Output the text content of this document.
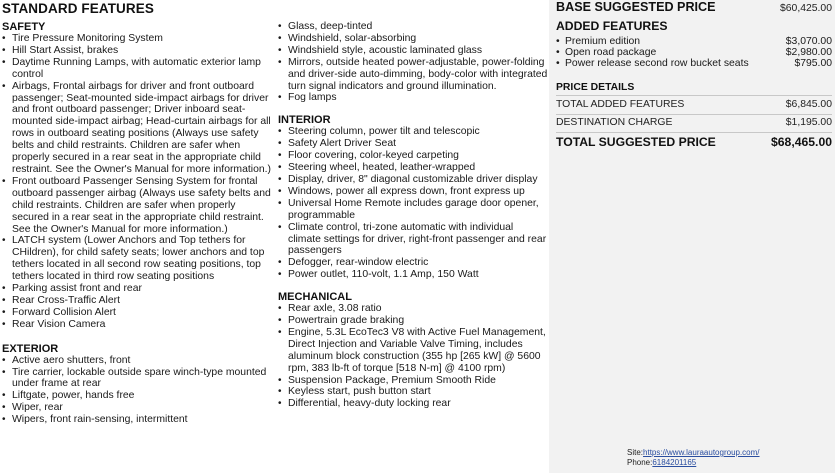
STANDARD FEATURES
SAFETY
• Tire Pressure Monitoring System
• Hill Start Assist, brakes
• Daytime Running Lamps, with automatic exterior lamp control
• Airbags, Frontal airbags for driver and front outboard passenger; Seat-mounted side-impact airbags for driver and front outboard passenger; Driver inboard seat-mounted side-impact airbag; Head-curtain airbags for all rows in outboard seating positions (Always use safety belts and child restraints. Children are safer when properly secured in a rear seat in the appropriate child restraint. See the Owner's Manual for more information.)
• Front outboard Passenger Sensing System for frontal outboard passenger airbag (Always use safety belts and child restraints. Children are safer when properly secured in a rear seat in the appropriate child restraint. See the Owner's Manual for more information.)
• LATCH system (Lower Anchors and Top tethers for CHildren), for child safety seats; lower anchors and top tethers located in all second row seating positions, top tethers located in third row seating positions
• Parking assist front and rear
• Rear Cross-Traffic Alert
• Forward Collision Alert
• Rear Vision Camera
EXTERIOR
• Active aero shutters, front
• Tire carrier, lockable outside spare winch-type mounted under frame at rear
• Liftgate, power, hands free
• Wiper, rear
• Wipers, front rain-sensing, intermittent
• Glass, deep-tinted
• Windshield, solar-absorbing
• Windshield style, acoustic laminated glass
• Mirrors, outside heated power-adjustable, power-folding and driver-side auto-dimming, body-color with integrated turn signal indicators and ground illumination.
• Fog lamps
INTERIOR
• Steering column, power tilt and telescopic
• Safety Alert Driver Seat
• Floor covering, color-keyed carpeting
• Steering wheel, heated, leather-wrapped
• Display, driver, 8" diagonal customizable driver display
• Windows, power all express down, front express up
• Universal Home Remote includes garage door opener, programmable
• Climate control, tri-zone automatic with individual climate settings for driver, right-front passenger and rear passengers
• Defogger, rear-window electric
• Power outlet, 110-volt, 1.1 Amp, 150 Watt
MECHANICAL
• Rear axle, 3.08 ratio
• Powertrain grade braking
• Engine, 5.3L EcoTec3 V8 with Active Fuel Management, Direct Injection and Variable Valve Timing, includes aluminum block construction (355 hp [265 kW] @ 5600 rpm, 383 lb-ft of torque [518 N-m] @ 4100 rpm)
• Suspension Package, Premium Smooth Ride
• Keyless start, push button start
• Differential, heavy-duty locking rear
BASE SUGGESTED PRICE	$60,425.00
ADDED FEATURES
• Premium edition	$3,070.00
• Open road package	$2,980.00
• Power release second row bucket seats	$795.00
PRICE DETAILS
TOTAL ADDED FEATURES	$6,845.00
DESTINATION CHARGE	$1,195.00
TOTAL SUGGESTED PRICE	$68,465.00
Site:https://www.lauraautogroup.com/
Phone:6184201165
